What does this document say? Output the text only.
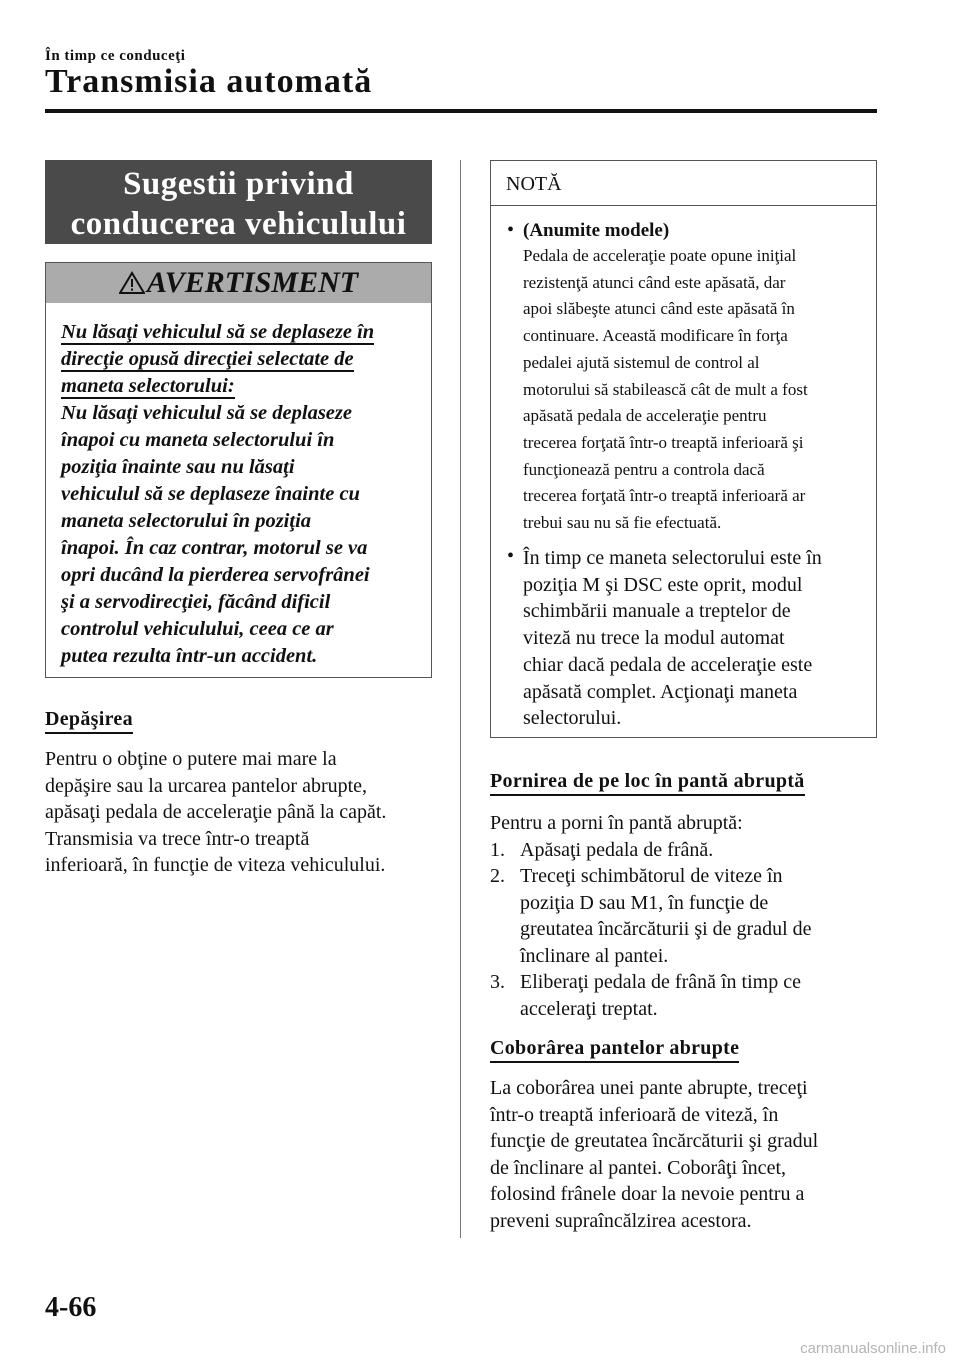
În timp ce conduceţi
Transmisia automată
Sugestii privind
conducerea vehiculului
AVERTISMENT
Nu lăsaţi vehiculul să se deplaseze în
direcţie opusă direcţiei selectate de
maneta selectorului:
Nu lăsaţi vehiculul să se deplaseze
înapoi cu maneta selectorului în
poziţia înainte sau nu lăsaţi
vehiculul să se deplaseze înainte cu
maneta selectorului în poziţia
înapoi. În caz contrar, motorul se va
opri ducând la pierderea servofrânei
şi a servodirecţiei, făcând dificil
controlul vehiculului, ceea ce ar
putea rezulta într-un accident.
Depăşirea
Pentru o obţine o putere mai mare la
depăşire sau la urcarea pantelor abrupte,
apăsaţi pedala de acceleraţie până la capăt.
Transmisia va trece într-o treaptă
inferioară, în funcţie de viteza vehiculului.
NOTĂ
• (Anumite modele)
Pedala de acceleraţie poate opune iniţial
rezistenţă atunci când este apăsată, dar
apoi slăbeşte atunci când este apăsată în
continuare. Această modificare în forţa
pedalei ajută sistemul de control al
motorului să stabilească cât de mult a fost
apăsată pedala de acceleraţie pentru
trecerea forţată într-o treaptă inferioară şi
funcţionează pentru a controla dacă
trecerea forţată într-o treaptă inferioară ar
trebui sau nu să fie efectuată.
• În timp ce maneta selectorului este în
poziţia M şi DSC este oprit, modul
schimbării manuale a treptelor de
viteză nu trece la modul automat
chiar dacă pedala de acceleraţie este
apăsată complet. Acţionaţi maneta
selectorului.
Pornirea de pe loc în pantă abruptă
Pentru a porni în pantă abruptă:
1. Apăsaţi pedala de frână.
2. Treceţi schimbătorul de viteze în
poziţia D sau M1, în funcţie de
greutatea încărcăturii şi de gradul de
înclinare al pantei.
3. Eliberaţi pedala de frână în timp ce
acceleraţi treptat.
Coborârea pantelor abrupte
La coborârea unei pante abrupte, treceţi
într-o treaptă inferioară de viteză, în
funcţie de greutatea încărcăturii şi gradul
de înclinare al pantei. Coborâţi încet,
folosind frânele doar la nevoie pentru a
preveni supraîncălzirea acestora.
4-66
carmanualsonline.info
